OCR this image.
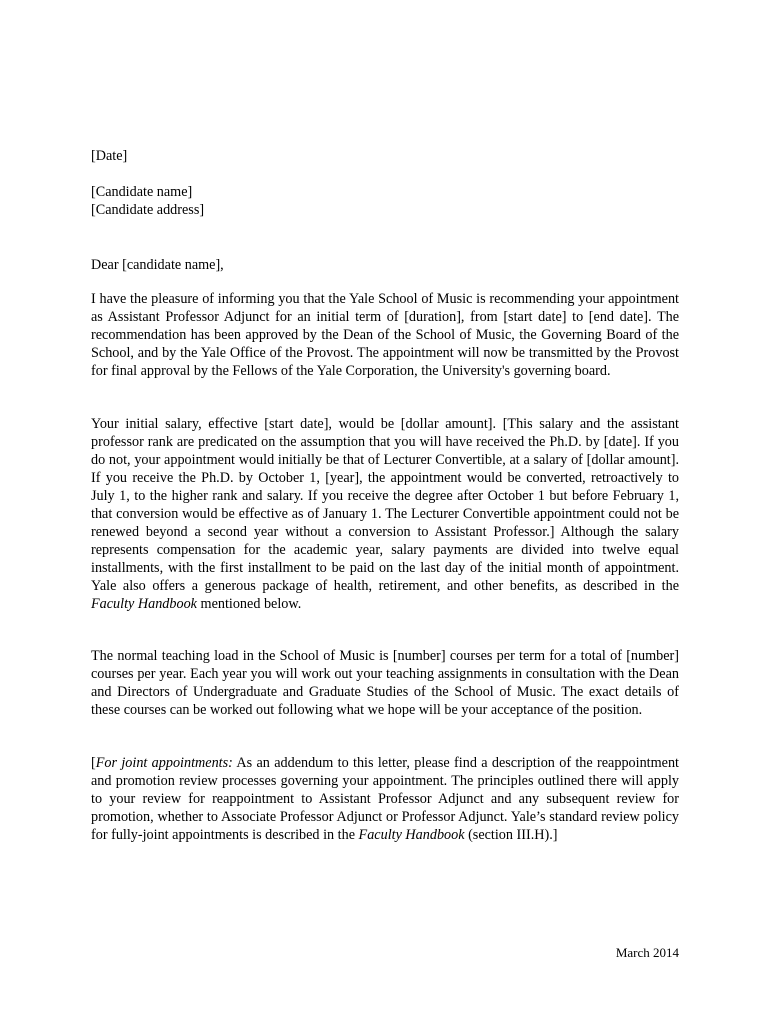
[Date]
[Candidate name]
[Candidate address]
Dear [candidate name],
I have the pleasure of informing you that the Yale School of Music is recommending your appointment as Assistant Professor Adjunct for an initial term of [duration], from [start date] to [end date]. The recommendation has been approved by the Dean of the School of Music, the Governing Board of the School, and by the Yale Office of the Provost. The appointment will now be transmitted by the Provost for final approval by the Fellows of the Yale Corporation, the University's governing board.
Your initial salary, effective [start date], would be [dollar amount]. [This salary and the assistant professor rank are predicated on the assumption that you will have received the Ph.D. by [date]. If you do not, your appointment would initially be that of Lecturer Convertible, at a salary of [dollar amount]. If you receive the Ph.D. by October 1, [year], the appointment would be converted, retroactively to July 1, to the higher rank and salary. If you receive the degree after October 1 but before February 1, that conversion would be effective as of January 1. The Lecturer Convertible appointment could not be renewed beyond a second year without a conversion to Assistant Professor.] Although the salary represents compensation for the academic year, salary payments are divided into twelve equal installments, with the first installment to be paid on the last day of the initial month of appointment. Yale also offers a generous package of health, retirement, and other benefits, as described in the Faculty Handbook mentioned below.
The normal teaching load in the School of Music is [number] courses per term for a total of [number] courses per year. Each year you will work out your teaching assignments in consultation with the Dean and Directors of Undergraduate and Graduate Studies of the School of Music. The exact details of these courses can be worked out following what we hope will be your acceptance of the position.
[For joint appointments: As an addendum to this letter, please find a description of the reappointment and promotion review processes governing your appointment. The principles outlined there will apply to your review for reappointment to Assistant Professor Adjunct and any subsequent review for promotion, whether to Associate Professor Adjunct or Professor Adjunct. Yale’s standard review policy for fully-joint appointments is described in the Faculty Handbook (section III.H).]
March 2014
